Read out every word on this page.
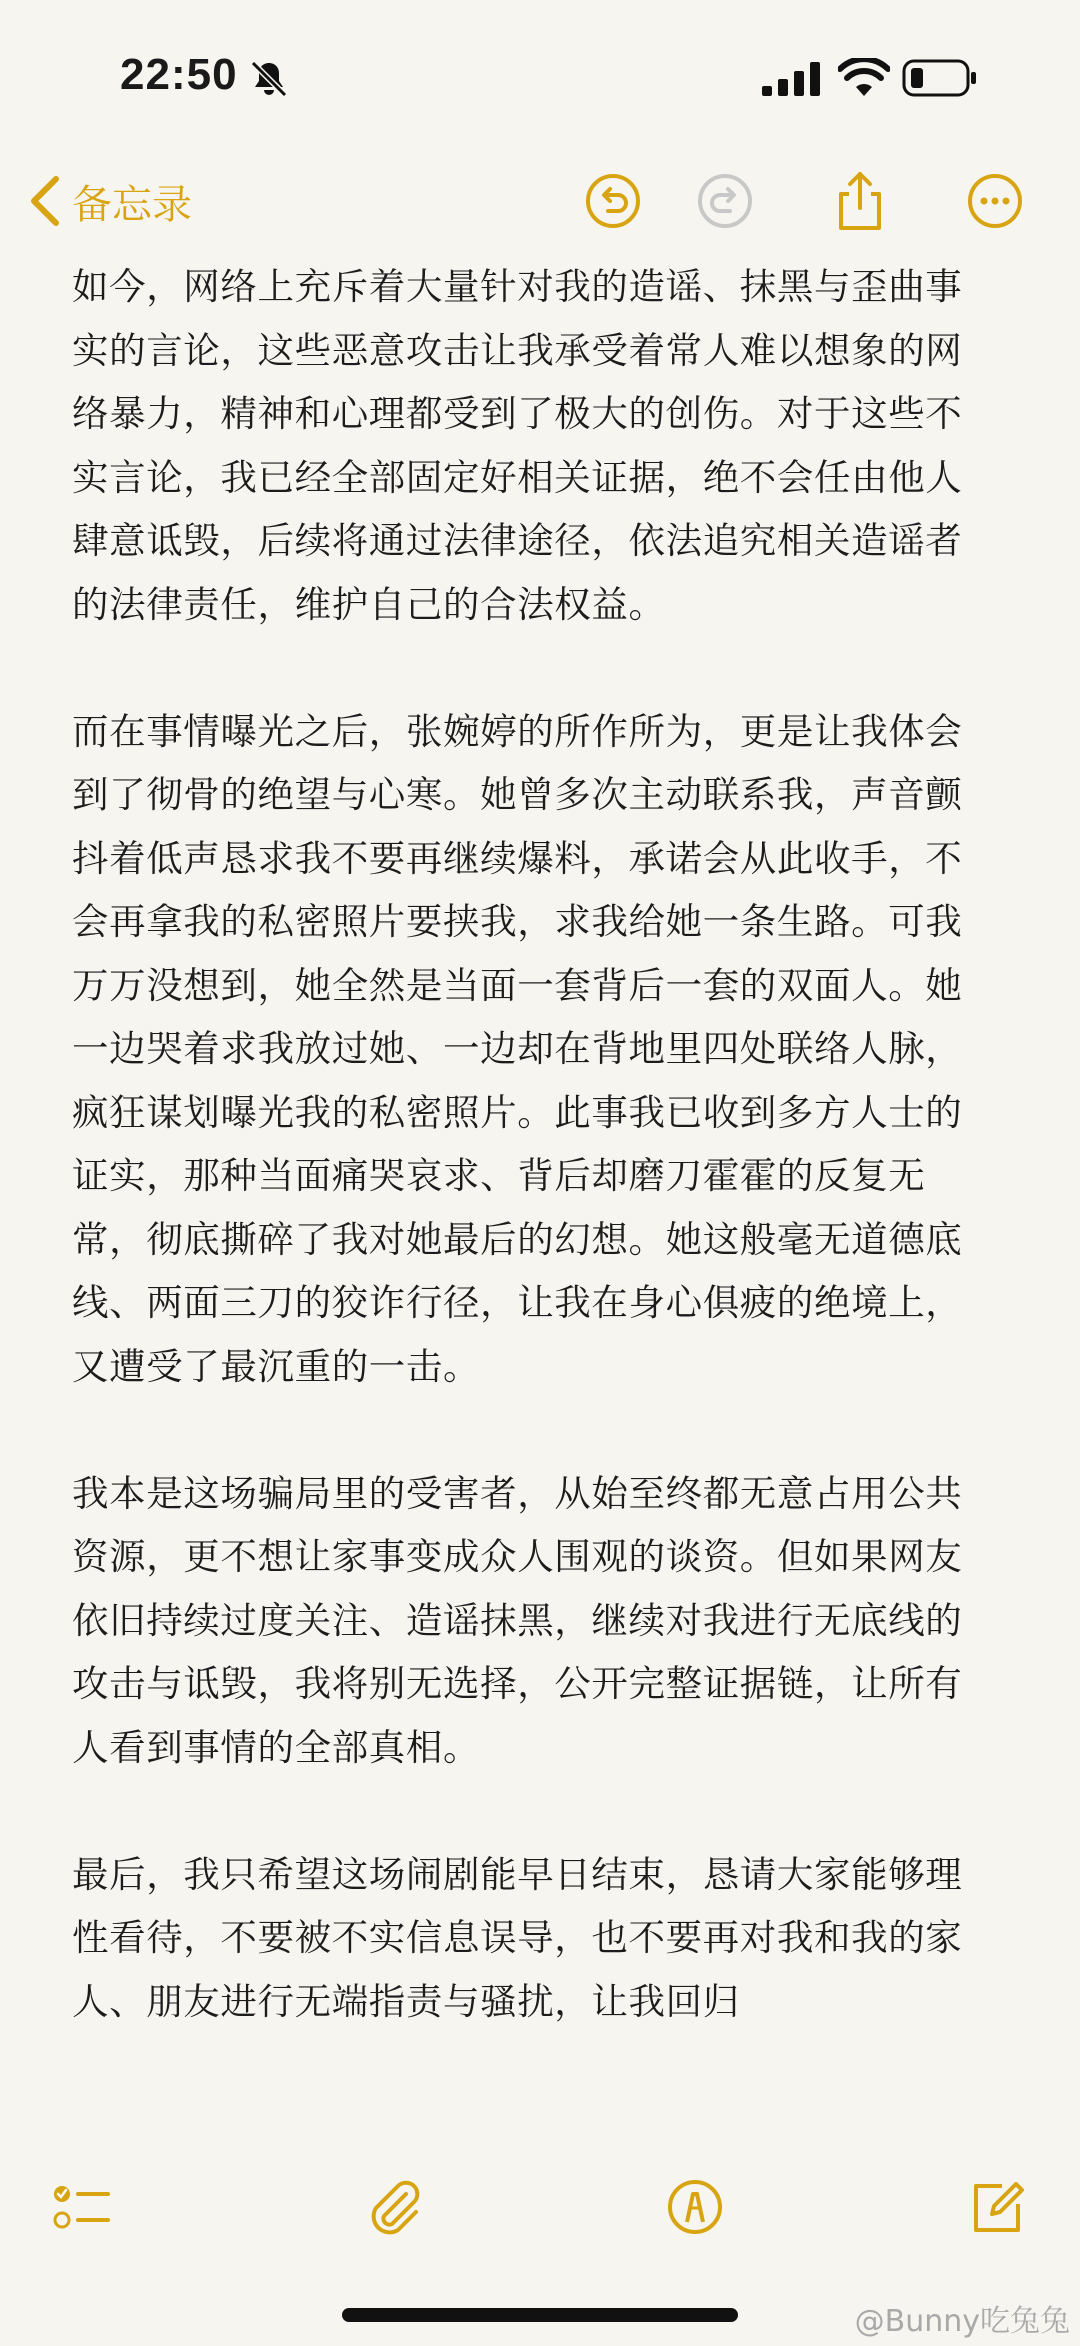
22:50
备忘录

如今，网络上充斥着大量针对我的造谣、抹黑与歪曲事实的言论，这些恶意攻击让我承受着常人难以想象的网络暴力，精神和心理都受到了极大的创伤。对于这些不实言论，我已经全部固定好相关证据，绝不会任由他人肆意诋毁，后续将通过法律途径，依法追究相关造谣者的法律责任，维护自己的合法权益。

而在事情曝光之后，张婉婷的所作所为，更是让我体会到了彻骨的绝望与心寒。她曾多次主动联系我，声音颤抖着低声恳求我不要再继续爆料，承诺会从此收手，不会再拿我的私密照片要挟我，求我给她一条生路。可我万万没想到，她全然是当面一套背后一套的双面人。她一边哭着求我放过她、一边却在背地里四处联络人脉，疯狂谋划曝光我的私密照片。此事我已收到多方人士的证实，那种当面痛哭哀求、背后却磨刀霍霍的反复无常，彻底撕碎了我对她最后的幻想。她这般毫无道德底线、两面三刀的狡诈行径，让我在身心俱疲的绝境上，又遭受了最沉重的一击。

我本是这场骗局里的受害者，从始至终都无意占用公共资源，更不想让家事变成众人围观的谈资。但如果网友依旧持续过度关注、造谣抹黑，继续对我进行无底线的攻击与诋毁，我将别无选择，公开完整证据链，让所有人看到事情的全部真相。

最后，我只希望这场闹剧能早日结束，恳请大家能够理性看待，不要被不实信息误导，也不要再对我和我的家人、朋友进行无端指责与骚扰，让我回归

@Bunny吃兔兔
